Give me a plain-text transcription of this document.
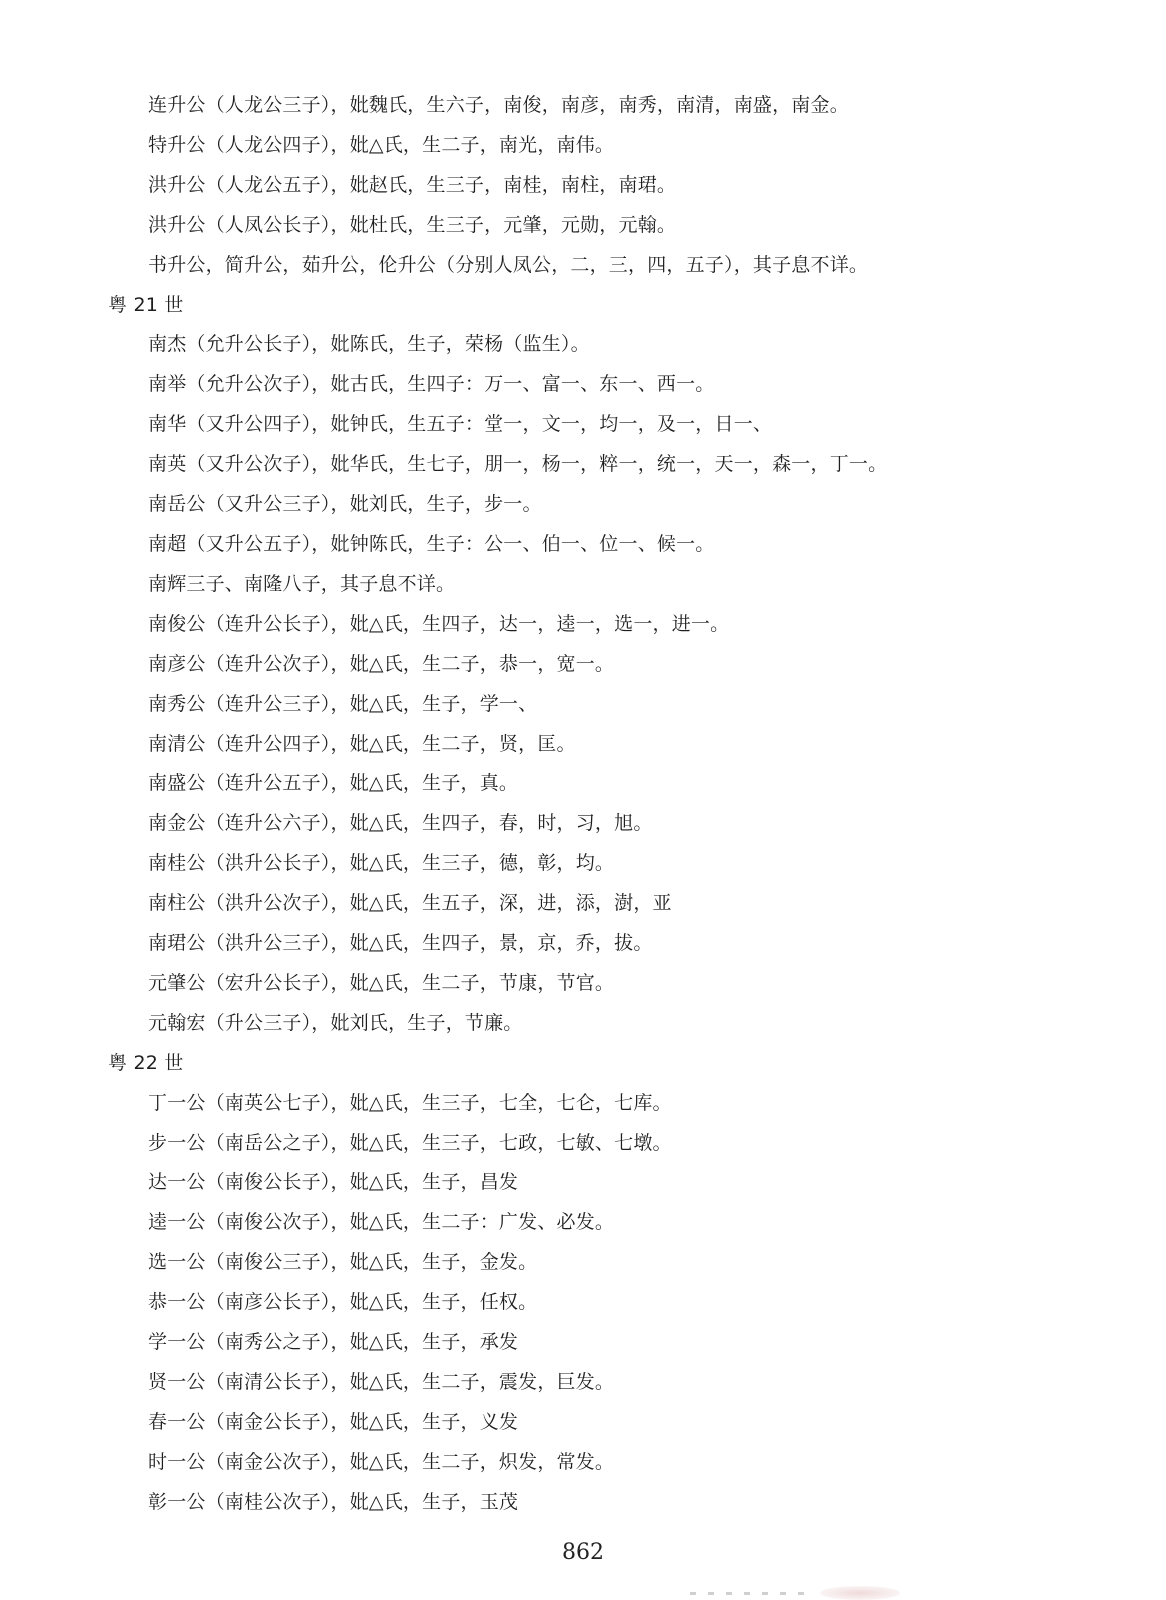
连升公（人龙公三子），妣魏氏，生六子，南俊，南彦，南秀，南清，南盛，南金。
特升公（人龙公四子），妣△氏，生二子，南光，南伟。
洪升公（人龙公五子），妣赵氏，生三子，南桂，南柱，南珺。
洪升公（人凤公长子），妣杜氏，生三子，元肇，元勋，元翰。
书升公，简升公，茹升公，伦升公（分别人凤公，二，三，四，五子），其子息不详。
粤 21 世
南杰（允升公长子），妣陈氏，生子，荣杨（监生）。
南举（允升公次子），妣古氏，生四子：万一、富一、东一、西一。
南华（又升公四子），妣钟氏，生五子：堂一，文一，均一，及一，日一、
南英（又升公次子），妣华氏，生七子，朋一，杨一，粹一，统一，天一，森一，丁一。
南岳公（又升公三子），妣刘氏，生子，步一。
南超（又升公五子），妣钟陈氏，生子：公一、伯一、位一、候一。
南辉三子、南隆八子，其子息不详。
南俊公（连升公长子），妣△氏，生四子，达一，逵一，选一，进一。
南彦公（连升公次子），妣△氏，生二子，恭一，宽一。
南秀公（连升公三子），妣△氏，生子，学一、
南清公（连升公四子），妣△氏，生二子，贤，匡。
南盛公（连升公五子），妣△氏，生子，真。
南金公（连升公六子），妣△氏，生四子，春，时，习，旭。
南桂公（洪升公长子），妣△氏，生三子，德，彰，均。
南柱公（洪升公次子），妣△氏，生五子，深，进，添，澍，亚
南珺公（洪升公三子），妣△氏，生四子，景，京，乔，拔。
元肇公（宏升公长子），妣△氏，生二子，节康，节官。
元翰宏（升公三子），妣刘氏，生子，节廉。
粤 22 世
丁一公（南英公七子），妣△氏，生三子，七全，七仑，七库。
步一公（南岳公之子），妣△氏，生三子，七政，七敏、七墩。
达一公（南俊公长子），妣△氏，生子，昌发
逵一公（南俊公次子），妣△氏，生二子：广发、必发。
选一公（南俊公三子），妣△氏，生子，金发。
恭一公（南彦公长子），妣△氏，生子，任权。
学一公（南秀公之子），妣△氏，生子，承发
贤一公（南清公长子），妣△氏，生二子，震发，巨发。
春一公（南金公长子），妣△氏，生子，义发
时一公（南金公次子），妣△氏，生二子，炽发，常发。
彰一公（南桂公次子），妣△氏，生子，玉茂
862
